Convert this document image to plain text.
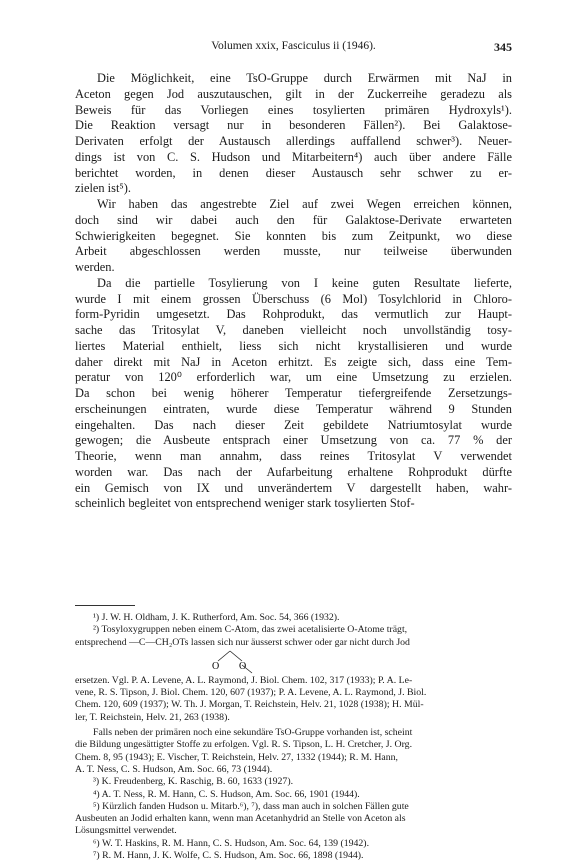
Volumen xxix, Fasciculus ii (1946).	345

Die Möglichkeit, eine TsO-Gruppe durch Erwärmen mit NaJ in
Aceton gegen Jod auszutauschen, gilt in der Zuckerreihe geradezu als
Beweis für das Vorliegen eines tosylierten primären Hydroxyls¹).
Die Reaktion versagt nur in besonderen Fällen²). Bei Galaktose-
Derivaten erfolgt der Austausch allerdings auffallend schwer³). Neuer-
dings ist von C. S. Hudson und Mitarbeitern⁴) auch über andere Fälle
berichtet worden, in denen dieser Austausch sehr schwer zu er-
zielen ist⁵).

Wir haben das angestrebte Ziel auf zwei Wegen erreichen können,
doch sind wir dabei auch den für Galaktose-Derivate erwarteten
Schwierigkeiten begegnet. Sie konnten bis zum Zeitpunkt, wo diese
Arbeit abgeschlossen werden musste, nur teilweise überwunden
werden.

Da die partielle Tosylierung von I keine guten Resultate lieferte,
wurde I mit einem grossen Überschuss (6 Mol) Tosylchlorid in Chloro-
form-Pyridin umgesetzt. Das Rohprodukt, das vermutlich zur Haupt-
sache das Tritosylat V, daneben vielleicht noch unvollständig tosy-
liertes Material enthielt, liess sich nicht krystallisieren und wurde
daher direkt mit NaJ in Aceton erhitzt. Es zeigte sich, dass eine Tem-
peratur von 120⁰ erforderlich war, um eine Umsetzung zu erzielen.
Da schon bei wenig höherer Temperatur tiefergreifende Zersetzungs-
erscheinungen eintraten, wurde diese Temperatur während 9 Stunden
eingehalten. Das nach dieser Zeit gebildete Natriumtosylat wurde
gewogen; die Ausbeute entsprach einer Umsetzung von ca. 77 % der
Theorie, wenn man annahm, dass reines Tritosylat V verwendet
worden war. Das nach der Aufarbeitung erhaltene Rohprodukt dürfte
ein Gemisch von IX und unverändertem V dargestellt haben, wahr-
scheinlich begleitet von entsprechend weniger stark tosylierten Stof-

¹) J. W. H. Oldham, J. K. Rutherford, Am. Soc. 54, 366 (1932).

²) Tosyloxygruppen neben einem C-Atom, das zwei acetalisierte O-Atome trägt,

entsprechend —C—CH₂OTs lassen sich nur äusserst schwer oder gar nicht durch Jod
O O
ersetzen. Vgl. P. A. Levene, A. L. Raymond, J. Biol. Chem. 102, 317 (1933); P. A. Le-
vene, R. S. Tipson, J. Biol. Chem. 120, 607 (1937); P. A. Levene, A. L. Raymond, J. Biol.
Chem. 120, 609 (1937); W. Th. J. Morgan, T. Reichstein, Helv. 21, 1028 (1938); H. Mül-
ler, T. Reichstein, Helv. 21, 263 (1938).

Falls neben der primären noch eine sekundäre TsO-Gruppe vorhanden ist, scheint

die Bildung ungesättigter Stoffe zu erfolgen. Vgl. R. S. Tipson, L. H. Cretcher, J. Org.
Chem. 8, 95 (1943); E. Vischer, T. Reichstein, Helv. 27, 1332 (1944); R. M. Hann,
A. T. Ness, C. S. Hudson, Am. Soc. 66, 73 (1944).

³) K. Freudenberg, K. Raschig, B. 60, 1633 (1927).

⁴) A. T. Ness, R. M. Hann, C. S. Hudson, Am. Soc. 66, 1901 (1944).

⁵) Kürzlich fanden Hudson u. Mitarb.⁶), ⁷), dass man auch in solchen Fällen gute

Ausbeuten an Jodid erhalten kann, wenn man Acetanhydrid an Stelle von Aceton als
Lösungsmittel verwendet.

⁶) W. T. Haskins, R. M. Hann, C. S. Hudson, Am. Soc. 64, 139 (1942).

⁷) R. M. Hann, J. K. Wolfe, C. S. Hudson, Am. Soc. 66, 1898 (1944).
